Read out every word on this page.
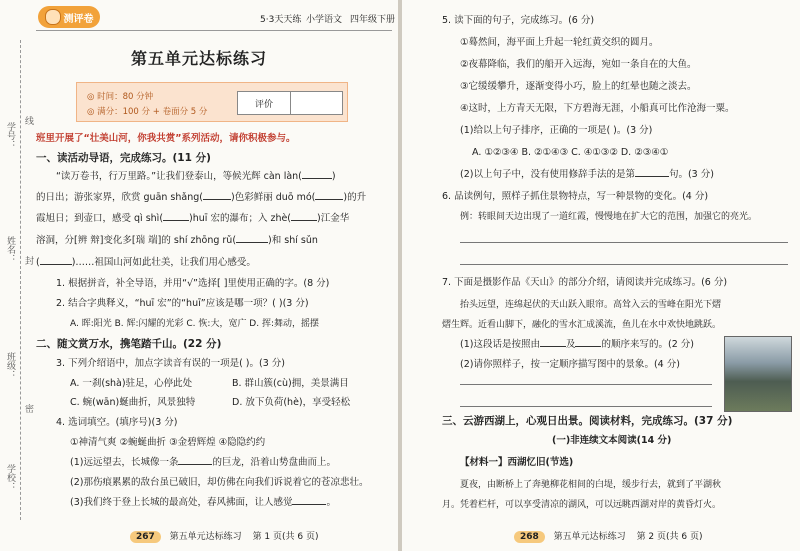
学号：
线
姓名： 封
班级：
密
学校：
测评卷	5·3天天练 小学语文 四年级下册
第五单元达标练习
◎ 时间：80 分钟
◎ 满分：100 分 + 卷面分 5 分
评价
班里开展了“壮美山河，你我共赏”系列活动，请你积极参与。
一、读活动导语，完成练习。(11 分)
“读万卷书，行万里路。”让我们登泰山，等候光辉 càn làn(	)
的日出；游张家界，欣赏 guān shǎng(	)色彩鲜丽 duō mó(	)的升
霞旭日；到壶口，感受 qì shì(	)huī 宏的瀑布；入 zhè(	)江金华
溶洞，分[辨 辩]变化多[瑞 端]的 shí zhōng rǔ(	)和 shí sǔn
(	)……祖国山河如此壮美，让我们用心感受。
1. 根据拼音，补全导语，并用“√”选择[ ]里使用正确的字。(8 分)
2. 结合字典释义，“huī 宏”的“huī”应该是哪一项？( )(3 分)
A. 晖:阳光 B. 辉:闪耀的光彩 C. 恢:大，宽广 D. 挥:舞动，摇摆
二、随文赏万水，携笔踏千山。(22 分)
3. 下列介绍语中，加点字读音有误的一项是( )。(3 分)
A. 一刹(shà)驻足，心停此处	B. 群山簇(cù)拥，美景满目
C. 蜿(wān)蜒曲折，风景独特	D. 放下负荷(hè)，享受轻松
4. 选词填空。(填序号)(3 分)
①神清气爽 ②蜿蜒曲折 ③金碧辉煌 ④隐隐约约
(1)远远望去，长城像一条	的巨龙，沿着山势盘曲而上。
(2)那伤痕累累的敌台虽已破旧，却仿佛在向我们诉说着它的苍凉悲壮。
(3)我们终于登上长城的最高处，春风拂面，让人感觉	。
267 第五单元达标练习 第 1 页(共 6 页)
5. 读下面的句子，完成练习。(6 分)
①蓦然间，海平面上升起一轮红黄交织的圆月。
②夜幕降临，我们的船开入远海，宛如一条自在的大鱼。
③它缓缓攀升，逐渐变得小巧，脸上的红晕也随之淡去。
④这时，上方青天无限，下方碧海无涯，小船真可比作沧海一粟。
(1)给以上句子排序，正确的一项是( )。(3 分)
A. ①②③④ B. ②①④③ C. ④①③② D. ②③④①
(2)以上句子中，没有使用修辞手法的是第	句。(3 分)
6. 品读例句，照样子抓住景物特点，写一种景物的变化。(4 分)
例：转眼间天边出现了一道红霞，慢慢地在扩大它的范围，加强它的亮光。
7. 下面是摄影作品《天山》的部分介绍，请阅读并完成练习。(6 分)
抬头远望，连绵起伏的天山跃入眼帘。高耸入云的雪峰在阳光下熠
熠生辉。近看山脚下，融化的雪水汇成溪流，鱼儿在水中欢快地跳跃。
(1)这段话是按照由	及	的顺序来写的。(2 分)
(2)请你照样子，按一定顺序描写图中的景象。(4 分)
三、云游西湖上，心观日出景。阅读材料，完成练习。(37 分)
(一)非连续文本阅读(14 分)
【材料一】西湖忆旧(节选)
夏夜，由断桥上了奔驰柳花相间的白堤，缓步行去，就到了平湖秋
月。凭着栏杆，可以享受清凉的湖风，可以远眺西湖对岸的黄昏灯火。
268 第五单元达标练习 第 2 页(共 6 页)
